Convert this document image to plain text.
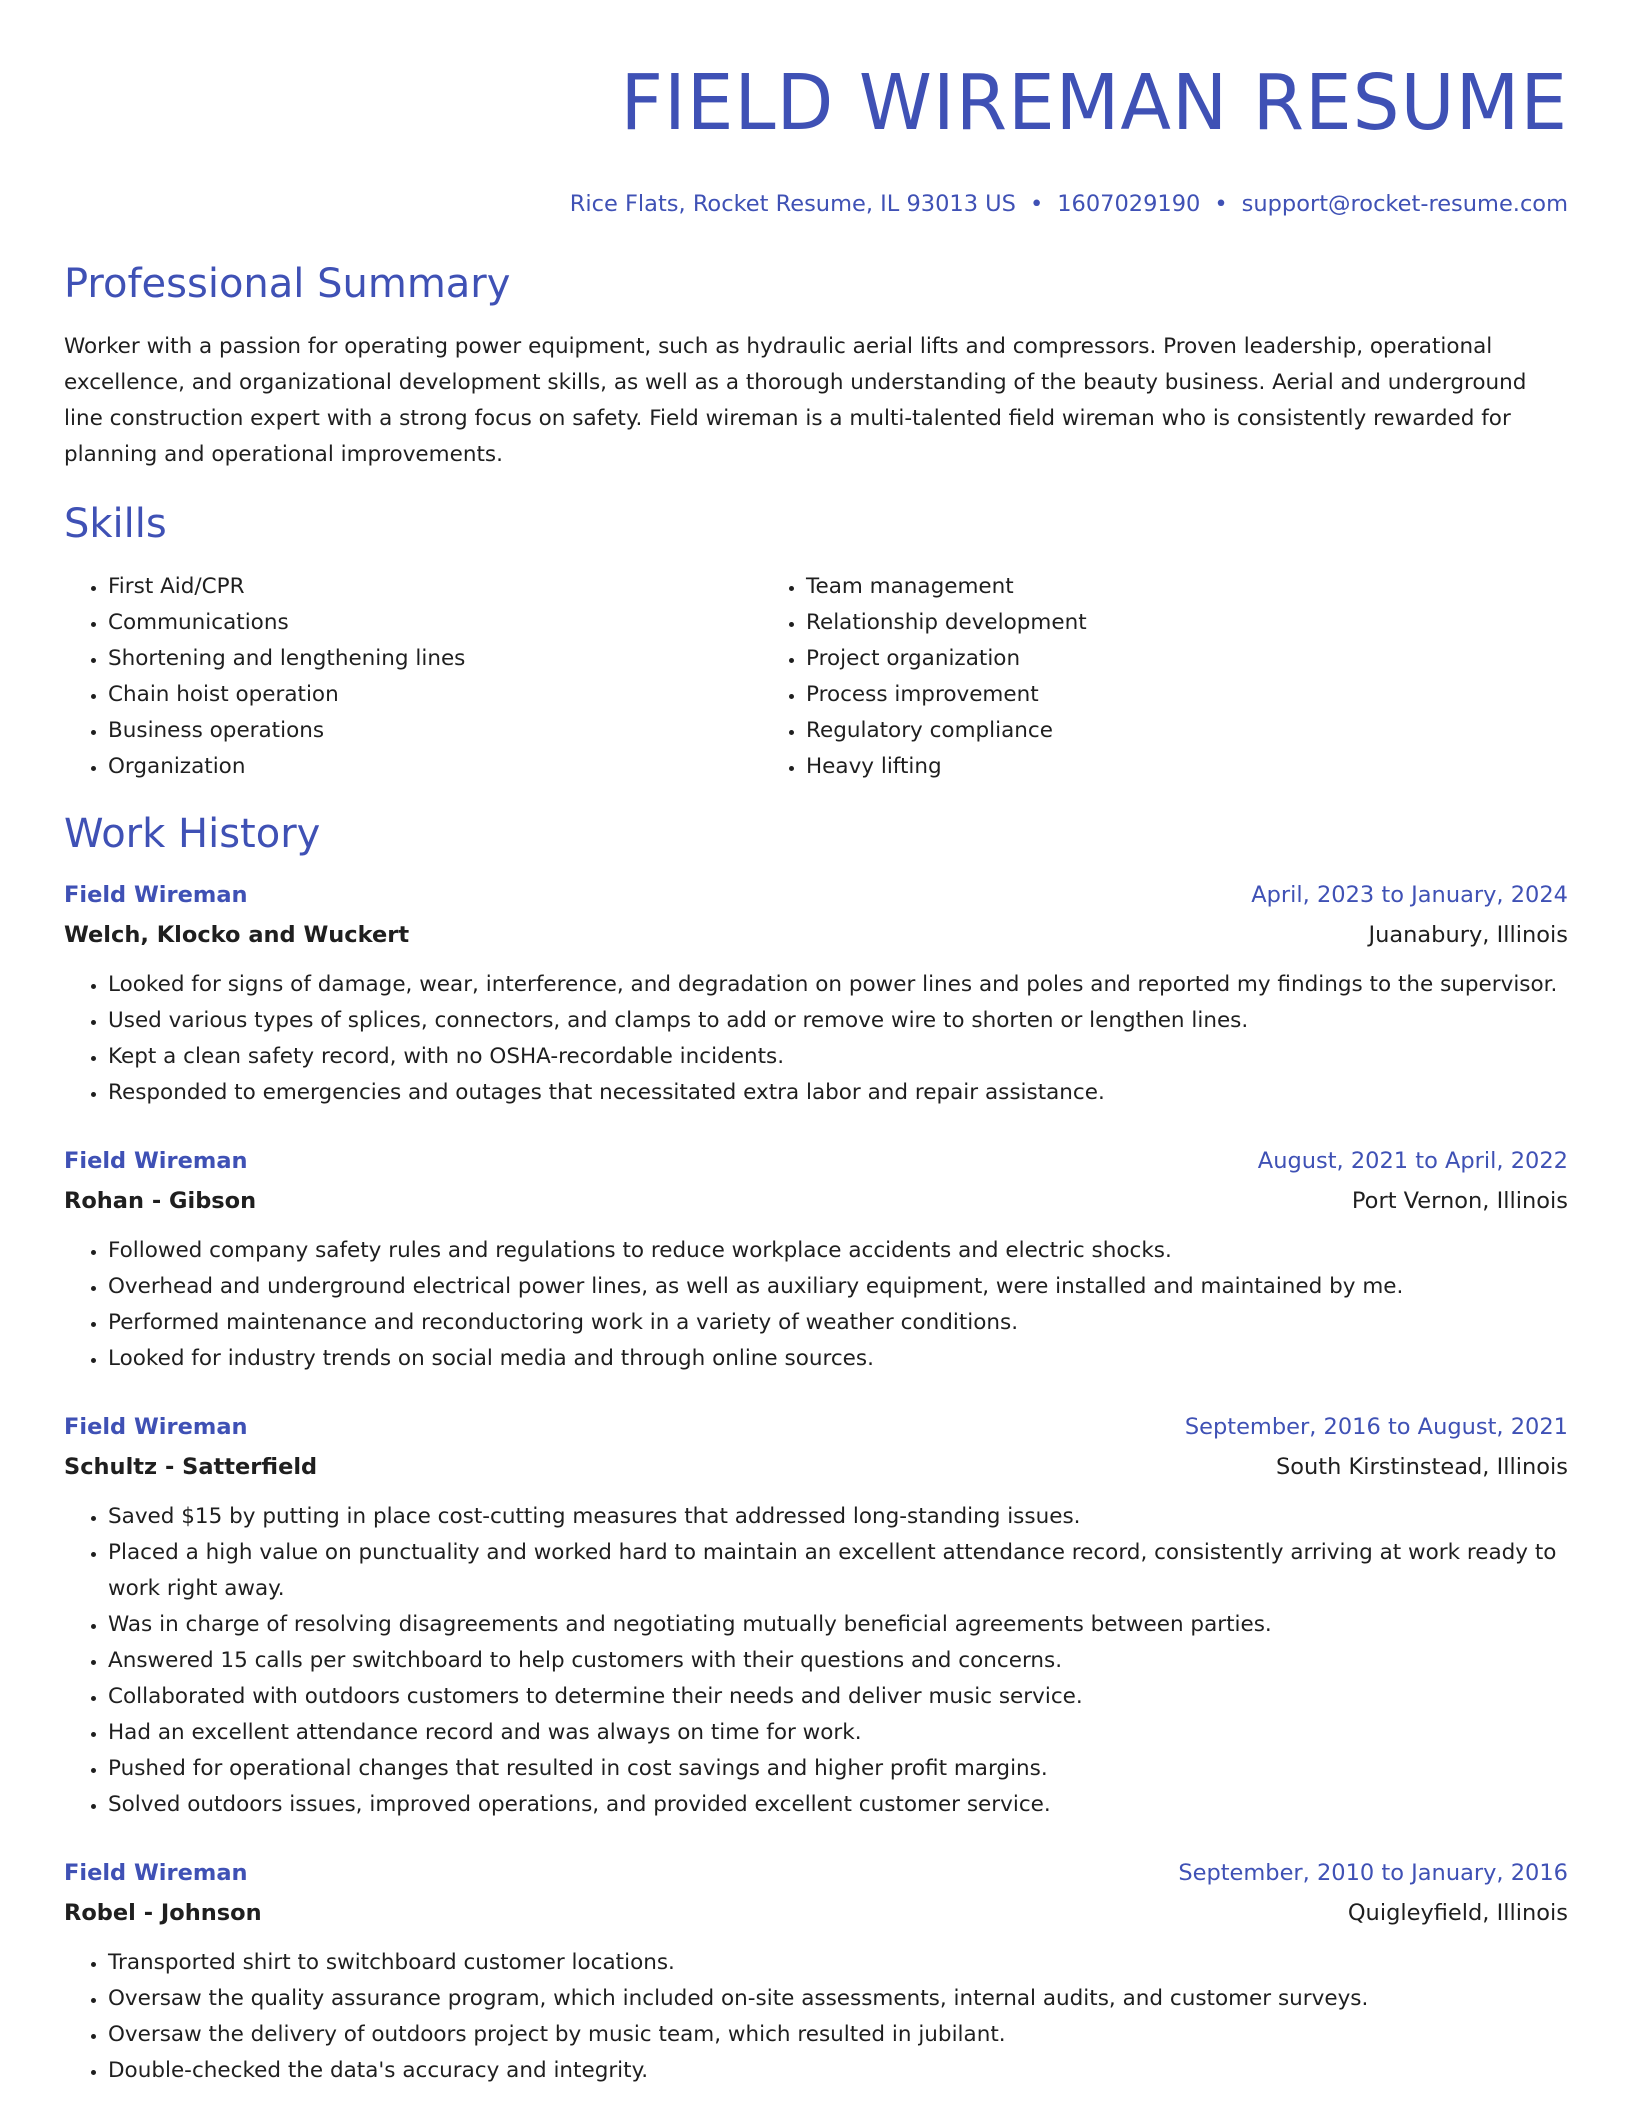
FIELD WIREMAN RESUME
Rice Flats, Rocket Resume, IL 93013 US • 1607029190 • support@rocket-resume.com
Professional Summary

Worker with a passion for operating power equipment, such as hydraulic aerial lifts and compressors. Proven leadership, operational excellence, and organizational development skills, as well as a thorough understanding of the beauty business. Aerial and underground line construction expert with a strong focus on safety. Field wireman is a multi-talented field wireman who is consistently rewarded for planning and operational improvements.

Skills
• First Aid/CPR
• Communications
• Shortening and lengthening lines
• Chain hoist operation
• Business operations
• Organization
• Team management
• Relationship development
• Project organization
• Process improvement
• Regulatory compliance
• Heavy lifting
Work History
Field Wireman	April, 2023 to January, 2024
Welch, Klocko and Wuckert	Juanabury, Illinois
• Looked for signs of damage, wear, interference, and degradation on power lines and poles and reported my findings to the supervisor.
• Used various types of splices, connectors, and clamps to add or remove wire to shorten or lengthen lines.
• Kept a clean safety record, with no OSHA-recordable incidents.
• Responded to emergencies and outages that necessitated extra labor and repair assistance.
Field Wireman	August, 2021 to April, 2022
Rohan - Gibson	Port Vernon, Illinois
• Followed company safety rules and regulations to reduce workplace accidents and electric shocks.
• Overhead and underground electrical power lines, as well as auxiliary equipment, were installed and maintained by me.
• Performed maintenance and reconductoring work in a variety of weather conditions.
• Looked for industry trends on social media and through online sources.
Field Wireman	September, 2016 to August, 2021
Schultz - Satterfield	South Kirstinstead, Illinois
• Saved $15 by putting in place cost-cutting measures that addressed long-standing issues.
• Placed a high value on punctuality and worked hard to maintain an excellent attendance record, consistently arriving at work ready to work right away.
• Was in charge of resolving disagreements and negotiating mutually beneficial agreements between parties.
• Answered 15 calls per switchboard to help customers with their questions and concerns.
• Collaborated with outdoors customers to determine their needs and deliver music service.
• Had an excellent attendance record and was always on time for work.
• Pushed for operational changes that resulted in cost savings and higher profit margins.
• Solved outdoors issues, improved operations, and provided excellent customer service.
Field Wireman	September, 2010 to January, 2016
Robel - Johnson	Quigleyfield, Illinois
• Transported shirt to switchboard customer locations.
• Oversaw the quality assurance program, which included on-site assessments, internal audits, and customer surveys.
• Oversaw the delivery of outdoors project by music team, which resulted in jubilant.
• Double-checked the data's accuracy and integrity.
